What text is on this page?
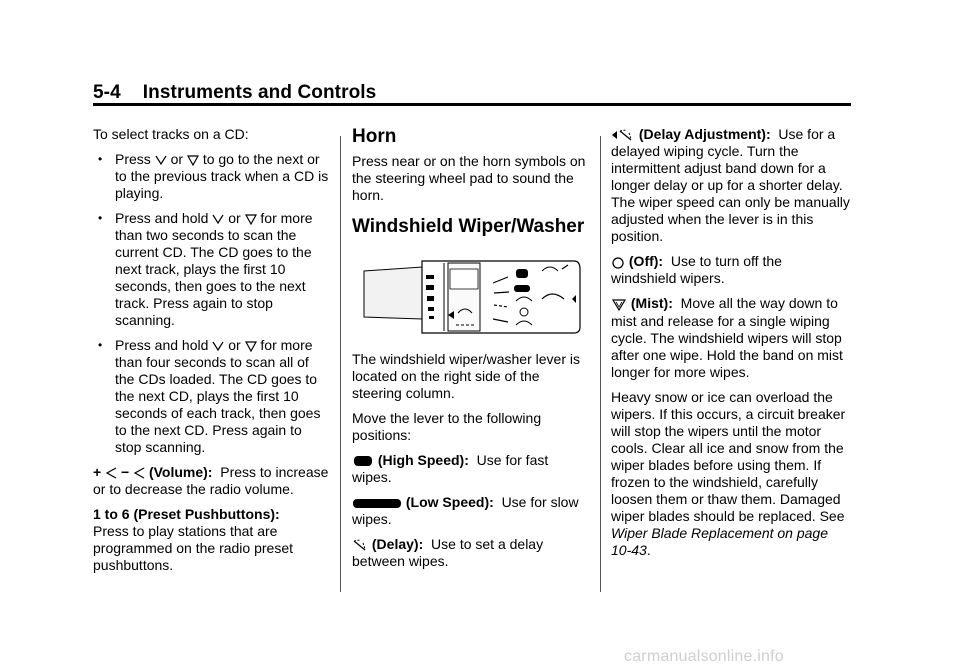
5-4 Instruments and Controls

To select tracks on a CD:

• Press or to go to the next or to the previous track when a CD is playing.
• Press and hold or for more than two seconds to scan the current CD. The CD goes to the next track, plays the first 10 seconds, then goes to the next track. Press again to stop scanning.
• Press and hold or for more than four seconds to scan all of the CDs loaded. The CD goes to the next CD, plays the first 10 seconds of each track, then goes to the next CD. Press again to stop scanning.

+ − (Volume): Press to increase or to decrease the radio volume.

1 to 6 (Preset Pushbuttons):
Press to play stations that are programmed on the radio preset pushbuttons.

Horn

Press near or on the horn symbols on the steering wheel pad to sound the horn.

Windshield Wiper/Washer

The windshield wiper/washer lever is located on the right side of the steering column.

Move the lever to the following positions:

(High Speed): Use for fast wipes.

(Low Speed): Use for slow wipes.

(Delay): Use to set a delay between wipes.

(Delay Adjustment): Use for a delayed wiping cycle. Turn the intermittent adjust band down for a longer delay or up for a shorter delay. The wiper speed can only be manually adjusted when the lever is in this position.

(Off): Use to turn off the windshield wipers.

(Mist): Move all the way down to mist and release for a single wiping cycle. The windshield wipers will stop after one wipe. Hold the band on mist longer for more wipes.

Heavy snow or ice can overload the wipers. If this occurs, a circuit breaker will stop the wipers until the motor cools. Clear all ice and snow from the wiper blades before using them. If frozen to the windshield, carefully loosen them or thaw them. Damaged wiper blades should be replaced. See Wiper Blade Replacement on page 10-43.

carmanualsonline.info
